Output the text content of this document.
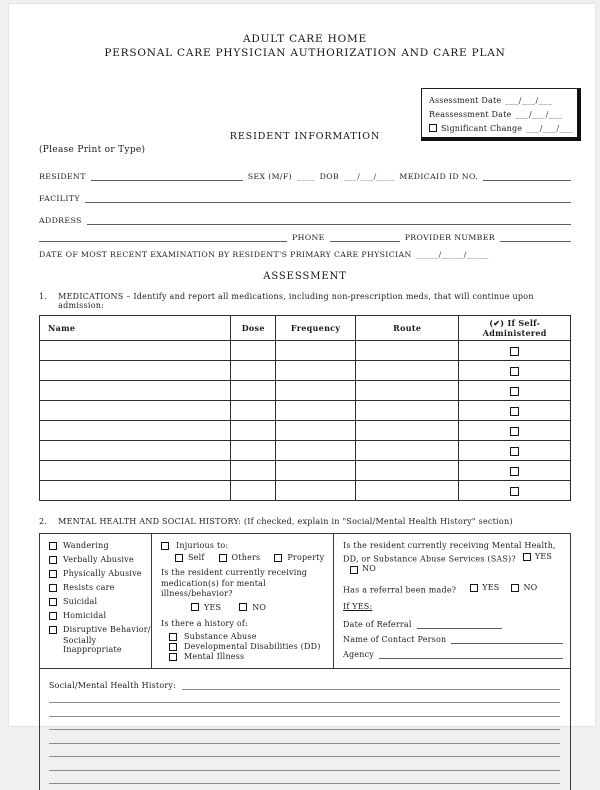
ADULT CARE HOME
PERSONAL CARE PHYSICIAN AUTHORIZATION AND CARE PLAN
Assessment Date ___/___/___
Reassessment Date ___/___/___
Significant Change ___/___/___
RESIDENT INFORMATION
(Please Print or Type)
RESIDENT	SEX (M/F) ____ DOB ___/___/____ MEDICAID ID NO.
FACILITY
ADDRESS
PHONE	PROVIDER NUMBER
DATE OF MOST RECENT EXAMINATION BY RESIDENT'S PRIMARY CARE PHYSICIAN _____/_____/_____
ASSESSMENT
1. MEDICATIONS – Identify and report all medications, including non-prescription meds, that will continue upon admission:
Name	Dose	Frequency	Route	(✔) If Self-Administered

2. MENTAL HEALTH AND SOCIAL HISTORY: (If checked, explain in "Social/Mental Health History" section)
Wandering
Verbally Abusive
Physically Abusive
Resists care
Suicidal
Homicidal
Disruptive Behavior/
Socially Inappropriate
Injurious to:
Self	Others	Property

Is the resident currently receiving medication(s) for mental illness/behavior?

YES	NO

Is there a history of:

Substance Abuse
Developmental Disabilities (DD)
Mental Illness

Is the resident currently receiving Mental Health, DD, or Substance Abuse Services (SAS)? YES
NO

Has a referral been made?	YES	NO

If YES:

Date of Referral
Name of Contact Person
Agency
Social/Mental Health History:
